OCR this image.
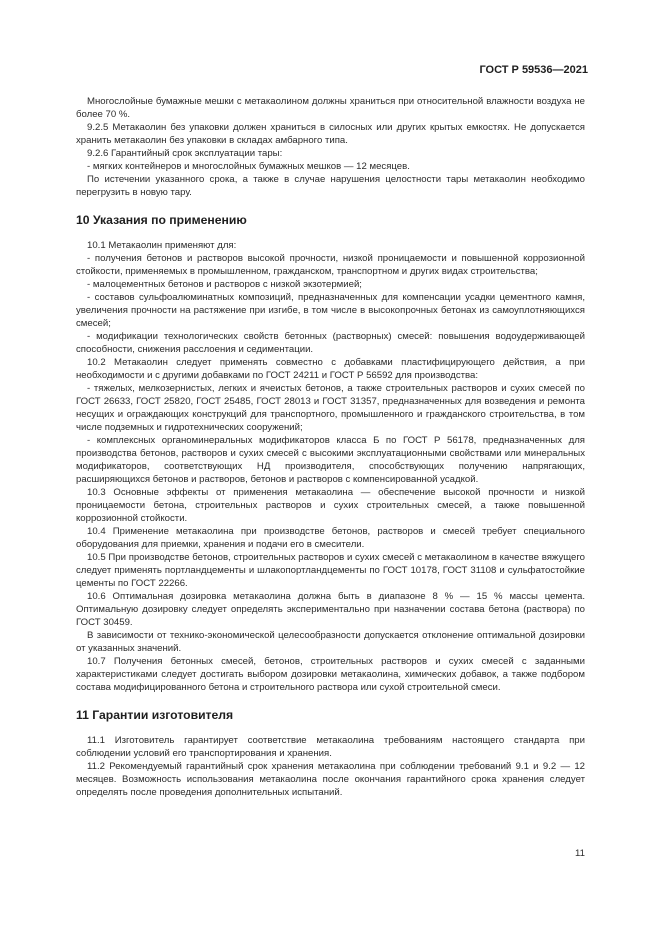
ГОСТ Р 59536—2021

Многослойные бумажные мешки с метакаолином должны храниться при относительной влажности воздуха не более 70 %.

9.2.5 Метакаолин без упаковки должен храниться в силосных или других крытых емкостях. Не допускается хранить метакаолин без упаковки в складах амбарного типа.

9.2.6 Гарантийный срок эксплуатации тары:

- мягких контейнеров и многослойных бумажных мешков — 12 месяцев.

По истечении указанного срока, а также в случае нарушения целостности тары метакаолин необходимо перегрузить в новую тару.

10 Указания по применению

10.1 Метакаолин применяют для:

- получения бетонов и растворов высокой прочности, низкой проницаемости и повышенной коррозионной стойкости, применяемых в промышленном, гражданском, транспортном и других видах строительства;

- малоцементных бетонов и растворов с низкой экзотермией;

- составов сульфоалюминатных композиций, предназначенных для компенсации усадки цементного камня, увеличения прочности на растяжение при изгибе, в том числе в высокопрочных бетонах из самоуплотняющихся смесей;

- модификации технологических свойств бетонных (растворных) смесей: повышения водоудерживающей способности, снижения расслоения и седиментации.

10.2 Метакаолин следует применять совместно с добавками пластифицирующего действия, а при необходимости и с другими добавками по ГОСТ 24211 и ГОСТ Р 56592 для производства:

- тяжелых, мелкозернистых, легких и ячеистых бетонов, а также строительных растворов и сухих смесей по ГОСТ 26633, ГОСТ 25820, ГОСТ 25485, ГОСТ 28013 и ГОСТ 31357, предназначенных для возведения и ремонта несущих и ограждающих конструкций для транспортного, промышленного и гражданского строительства, в том числе подземных и гидротехнических сооружений;

- комплексных органоминеральных модификаторов класса Б по ГОСТ Р 56178, предназначенных для производства бетонов, растворов и сухих смесей с высокими эксплуатационными свойствами или минеральных модификаторов, соответствующих НД производителя, способствующих получению напрягающих, расширяющихся бетонов и растворов, бетонов и растворов с компенсированной усадкой.

10.3 Основные эффекты от применения метакаолина — обеспечение высокой прочности и низкой проницаемости бетона, строительных растворов и сухих строительных смесей, а также повышенной коррозионной стойкости.

10.4 Применение метакаолина при производстве бетонов, растворов и смесей требует специального оборудования для приемки, хранения и подачи его в смесители.

10.5 При производстве бетонов, строительных растворов и сухих смесей с метакаолином в качестве вяжущего следует применять портландцементы и шлакопортландцементы по ГОСТ 10178, ГОСТ 31108 и сульфатостойкие цементы по ГОСТ 22266.

10.6 Оптимальная дозировка метакаолина должна быть в диапазоне 8 % — 15 % массы цемента. Оптимальную дозировку следует определять экспериментально при назначении состава бетона (раствора) по ГОСТ 30459.

В зависимости от технико-экономической целесообразности допускается отклонение оптимальной дозировки от указанных значений.

10.7 Получения бетонных смесей, бетонов, строительных растворов и сухих смесей с заданными характеристиками следует достигать выбором дозировки метакаолина, химических добавок, а также подбором состава модифицированного бетона и строительного раствора или сухой строительной смеси.

11 Гарантии изготовителя

11.1 Изготовитель гарантирует соответствие метакаолина требованиям настоящего стандарта при соблюдении условий его транспортирования и хранения.

11.2 Рекомендуемый гарантийный срок хранения метакаолина при соблюдении требований 9.1 и 9.2 — 12 месяцев. Возможность использования метакаолина после окончания гарантийного срока хранения следует определять после проведения дополнительных испытаний.

11
